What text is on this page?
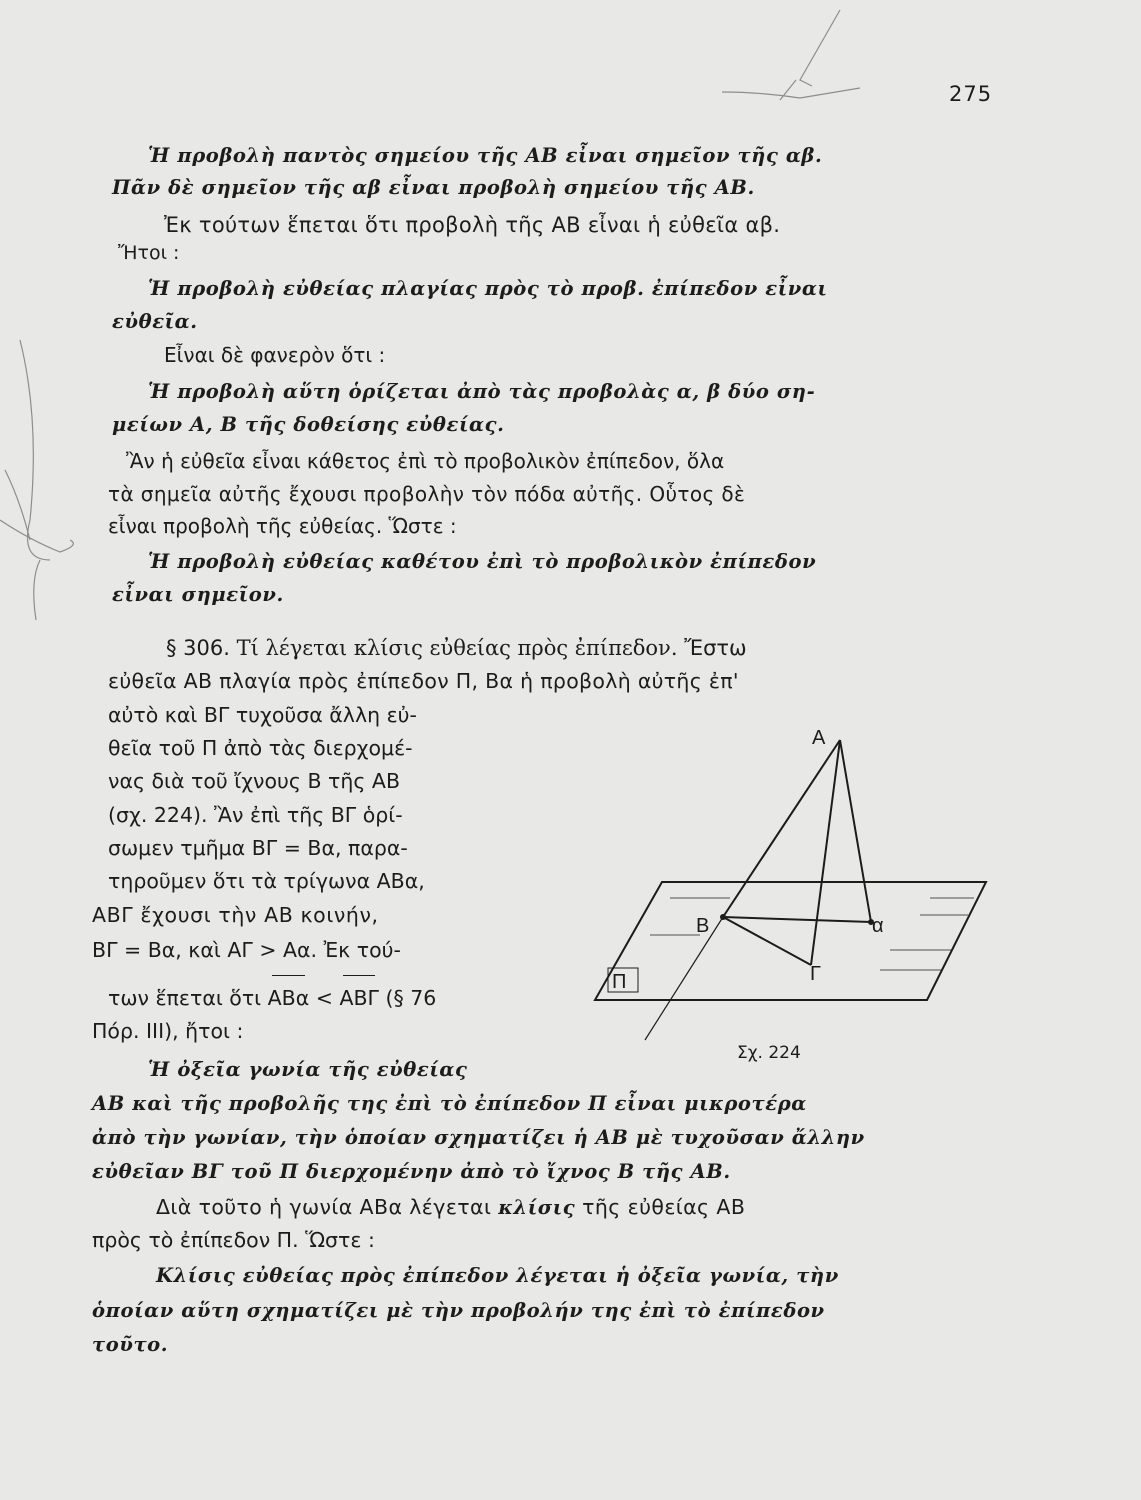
275
Ἡ προβολὴ παντὸς σημείου τῆς ΑΒ εἶναι σημεῖον τῆς αβ.
Πᾶν δὲ σημεῖον τῆς αβ εἶναι προβολὴ σημείου τῆς ΑΒ.
Ἐκ τούτων ἕπεται ὅτι προβολὴ τῆς ΑΒ εἶναι ἡ εὐθεῖα αβ.
Ἤτοι :
Ἡ προβολὴ εὐθείας πλαγίας πρὸς τὸ προβ. ἐπίπεδον εἶναι
εὐθεῖα.
Εἶναι δὲ φανερὸν ὅτι :
Ἡ προβολὴ αὕτη ὁρίζεται ἀπὸ τὰς προβολὰς α, β δύο ση-
μείων Α, Β τῆς δοθείσης εὐθείας.
Ἂν ἡ εὐθεῖα εἶναι κάθετος ἐπὶ τὸ προβολικὸν ἐπίπεδον, ὅλα
τὰ σημεῖα αὐτῆς ἔχουσι προβολὴν τὸν πόδα αὐτῆς. Οὗτος δὲ
εἶναι προβολὴ τῆς εὐθείας. Ὥστε :
Ἡ προβολὴ εὐθείας καθέτου ἐπὶ τὸ προβολικὸν ἐπίπεδον
εἶναι σημεῖον.
§ 306. Τί λέγεται κλίσις εὐθείας πρὸς ἐπίπεδον. Ἔστω
εὐθεῖα ΑΒ πλαγία πρὸς ἐπίπεδον Π, Βα ἡ προβολὴ αὐτῆς ἐπ'
αὐτὸ καὶ ΒΓ τυχοῦσα ἄλλη εὐ-
θεῖα τοῦ Π ἀπὸ τὰς διερχομέ-
νας διὰ τοῦ ἴχνους Β τῆς ΑΒ
(σχ. 224). Ἂν ἐπὶ τῆς ΒΓ ὁρί-
σωμεν τμῆμα ΒΓ = Βα, παρα-
τηροῦμεν ὅτι τὰ τρίγωνα ΑΒα,
ΑΒΓ ἔχουσι τὴν ΑΒ κοινήν,
ΒΓ = Βα, καὶ ΑΓ > Αα. Ἐκ τού-
των ἕπεται ὅτι ΑΒα < ΑΒΓ (§ 76
Πόρ. ΙΙΙ), ἤτοι :
Ἡ ὀξεῖα γωνία τῆς εὐθείας
ΑΒ καὶ τῆς προβολῆς της ἐπὶ τὸ ἐπίπεδον Π εἶναι μικροτέρα
ἀπὸ τὴν γωνίαν, τὴν ὁποίαν σχηματίζει ἡ ΑΒ μὲ τυχοῦσαν ἄλλην
εὐθεῖαν ΒΓ τοῦ Π διερχομένην ἀπὸ τὸ ἴχνος Β τῆς ΑΒ.
Διὰ τοῦτο ἡ γωνία ΑΒα λέγεται κλίσις τῆς εὐθείας ΑΒ
πρὸς τὸ ἐπίπεδον Π. Ὥστε :
Κλίσις εὐθείας πρὸς ἐπίπεδον λέγεται ἡ ὀξεῖα γωνία, τὴν
ὁποίαν αὕτη σχηματίζει μὲ τὴν προβολήν της ἐπὶ τὸ ἐπίπεδον
τοῦτο.
Α
Β	α
Γ
Π
Σχ. 224
